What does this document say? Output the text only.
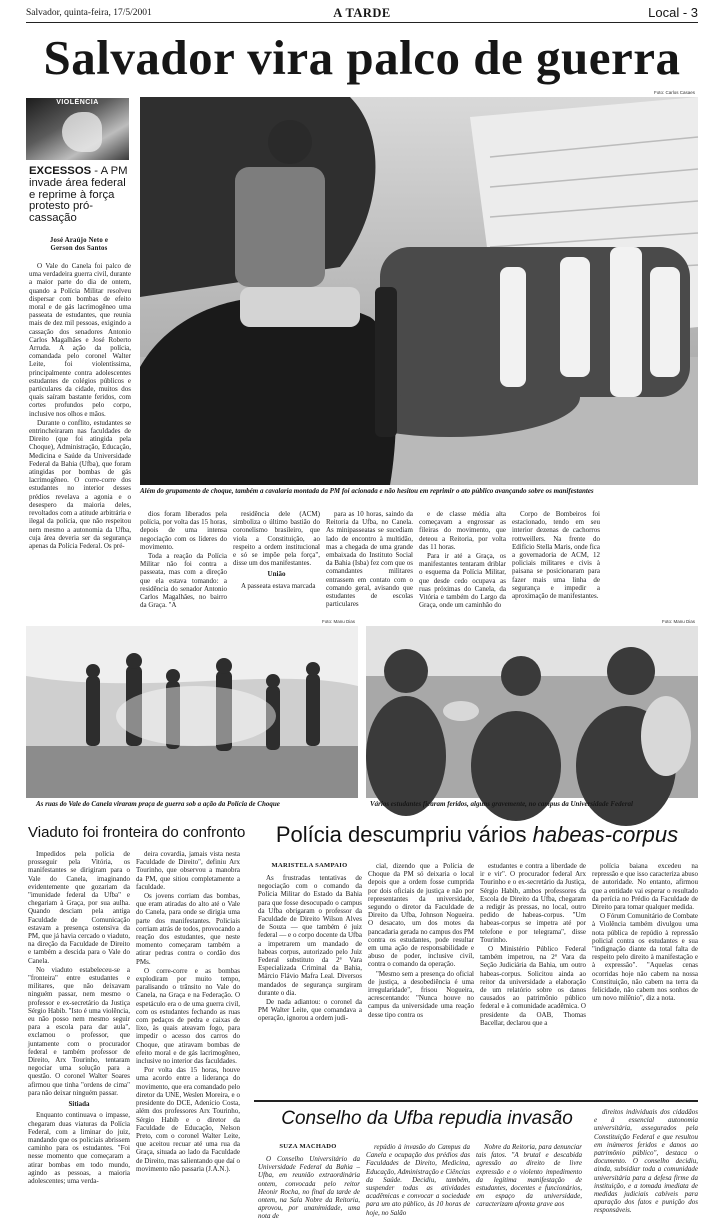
Salvador, quinta-feira, 17/5/2001	A TARDE	Local - 3
Salvador vira palco de guerra
VIOLÊNCIA
EXCESSOS - A PM invade área federal e reprime à força protesto pró-cassação
José Araújo Neto e
Gerson dos Santos

O Vale do Canela foi palco de uma verdadeira guerra civil, durante a maior parte do dia de ontem, quando a Polícia Militar resolveu dispersar com bombas de efeito moral e de gás lacrimogêneo uma passeata de estudantes, que reunia mais de dez mil pessoas, exigindo a cassação dos senadores Antonio Carlos Magalhães e José Roberto Arruda. A ação da polícia, comandada pelo coronel Walter Leite, foi violentíssima, principalmente contra adolescentes estudantes de colégios públicos e particulares da cidade, muitos dos quais saíram bastante feridos, com cortes profundos pelo corpo, inclusive nos olhos e mãos.

Durante o conflito, estudantes se entrincheiraram nas faculdades de Direito (que foi atingida pela Choque), Administração, Educação, Medicina e Saúde da Universidade Federal da Bahia (Ufba), que foram atingidas por bombas de gás lacrimogêneo. O corre-corre dos estudantes no interior desses prédios revelava a agonia e o desespero da maioria deles, revoltados com a atitude arbitrária e ilegal da polícia, que não respeitou nem mesmo a autonomia da Ufba, cuja área deveria ser da segurança apenas da Polícia Federal. Os pré-

Foto: Carlos Casaes
Além do grupamento de choque, também a cavalaria montada da PM foi acionada e não hesitou em reprimir o ato público avançando sobre os manifestantes

dios foram liberados pela polícia, por volta das 15 horas, depois de uma intensa negociação com os líderes do movimento.

Toda a reação da Polícia Militar não foi contra a passeata, mas com a direção que ela estava tomando: a residência do senador Antonio Carlos Magalhães, no bairro da Graça. "A

residência dele (ACM) simboliza o último bastião do coronelismo brasileiro, que viola a Constituição, ao respeito a ordem institucional e só se impõe pela força", disse um dos manifestantes.

União

A passeata estava marcada

para as 10 horas, saindo da Reitoria da Ufba, no Canela. As minipasseatas se sucediam lado de encontro à multidão, mas a chegada de uma grande embaixada do Instituto Social da Bahia (Isba) fez com que os comandantes militares entrassem em contato com o comando geral, avisando que estudantes de escolas particulares

e de classe média alta começavam a engrossar as fileiras do movimento, que deteou a Reitoria, por volta das 11 horas.

Para ir até a Graça, os manifestantes tentaram driblar o esquema da Polícia Militar, que desde cedo ocupava as ruas próximas do Canela, da Vitória e também do Largo da Graça, onde um caminhão do

Corpo de Bombeiros foi estacionado, tendo em seu interior dezenas de cachorros rottweillers. Na frente do Edifício Stella Maris, onde fica a governadoria de ACM, 12 policiais militares e civis à paisana se posicionaram para fazer mais uma linha de segurança e impedir a aproximação de manifestantes.

Foto: Manu Dias
As ruas do Vale do Canela viraram praça de guerra sob a ação da Polícia de Choque
Foto: Manu Dias
Vários estudantes ficaram feridos, alguns gravemente, no campus da Universidade Federal
Viaduto foi fronteira do confronto

Impedidos pela polícia de prosseguir pela Vitória, os manifestantes se dirigiram para o Vale do Canela, imaginando evidentemente que gozariam da "imunidade federal da Ufba" e chegariam à Graça, por sua aulha. Quando desciam pela antiga Faculdade de Comunicação estavam a presença ostensiva da PM, que já havia cercado o viaduto, na direção da Faculdade de Direito e também a descida para o Vale do Canela.

No viaduto estabeleceu-se a "fronteira" entre estudantes e militares, que não deixavam ninguém passar, nem mesmo o professor e ex-secretário da Justiça Sérgio Habib. "Isto é uma violência, eu não posso nem mesmo seguir para a escola para dar aula", exclamou o professor, que juntamente com o procurador federal e também professor de Direito, Arx Tourinho, tentaram negociar uma solução para a questão. O coronel Walter Soares afirmou que tinha "ordens de cima" para não deixar ninguém passar.

Sitiada

Enquanto continuava o impasse, chegaram duas viaturas da Polícia Federal, com a liminar do juiz, mandando que os policiais abrissem caminho para os estudantes. "Foi nesse momento que começaram a atirar bombas em todo mundo, agindo as pessoas, a maioria adolescentes; uma verda-

deira covardia, jamais vista nesta Faculdade de Direito", definiu Arx Tourinho, que observou a manobra da PM, que sitiou completamente a faculdade.

Os jovens corriam das bombas, que eram atiradas do alto até o Vale do Canela, para onde se dirigia uma parte dos manifestantes. Policiais corriam atrás de todos, provocando a reação dos estudantes, que neste momento começaram também a atirar pedras contra o cordão dos PMs.

O corre-corre e as bombas explodiram por muito tempo, paralisando o trânsito no Vale do Canela, na Graça e na Federação. O espetáculo era o de uma guerra civil, com os estudantes fechando as ruas com pedaços de pedra e caixas de lixo, às quais ateavam fogo, para impedir o acesso dos carros do Choque, que atiravam bombas de efeito moral e de gás lacrimogêneo, inclusive no interior das faculdades.

Por volta das 15 horas, houve uma acordo entre a liderança do movimento, que era comandado pelo diretor da UNE, Weslen Moreira, e o presidente do DCE, Adenício Costa, além dos professores Arx Tourinho, Sérgio Habib e o diretor da Faculdade de Educação, Nelson Preto, com o coronel Walter Leite, que aceitou recuar até uma rua da Graça, situada ao lado da Faculdade de Direito, mas salientando que daí o movimento não passaria (J.A.N.).

Polícia descumpriu vários habeas-corpus
MARISTELA SAMPAIO

As frustradas tentativas de negociação com o comando da Polícia Militar do Estado da Bahia para que fosse desocupado o campus da Ufba obrigaram o professor da Faculdade de Direito Wilson Alves de Souza — que também é juiz federal — e o corpo docente da Ufba a impetrarem um mandado de habeas corpus, autorizado pelo Juiz Federal substituto da 2ª Vara Especializada Criminal da Bahia, Márcio Flávio Mafra Leal. Diversos mandados de segurança surgiram durante o dia.

De nada adiantou: o coronel da PM Walter Leite, que comandava a operação, ignorou a ordem judi-

cial, dizendo que a Polícia de Choque da PM só deixaria o local depois que a ordem fosse cumprida por dois oficiais de justiça e não por representantes da universidade, segundo o diretor da Faculdade de Direito da Ufba, Johnson Nogueira. O desacato, um dos motes da pancadaria gerada no campus dos PM contra os estudantes, pode resultar em uma ação de responsabilidade e abuso de poder, inclusive civil, contra o comando da operação.

"Mesmo sem a presença do oficial de justiça, a desobediência é uma irregularidade", frisou Nogueira, acrescentando: "Nunca houve no campus da universidade uma reação desse tipo contra os

estudantes e contra a liberdade de ir e vir". O procurador federal Arx Tourinho e o ex-secretário da Justiça, Sérgio Habib, ambos professores da Escola de Direito da Ufba, chegaram a redigir às pressas, no local, outro pedido de habeas-corpus. "Um habeas-corpus se impetra até por telefone e por telegrama", disse Tourinho.

O Ministério Público Federal também impetrou, na 2ª Vara da Seção Judiciária da Bahia, um outro habeas-corpus. Solicitou ainda ao reitor da universidade a elaboração de um relatório sobre os danos causados ao patrimônio público federal e à comunidade acadêmica. O presidente da OAB, Thomas Bacellar, declarou que a

polícia baiana excedeu na repressão e que isso caracteriza abuso de autoridade. No entanto, afirmou que a entidade vai esperar o resultado da perícia no Prédio da Faculdade de Direito para tomar qualquer medida.

O Fórum Comunitário de Combate à Violência também divulgou uma nota pública de repúdio à repressão policial contra os estudantes e sua "indignação diante da total falta de respeito pelo direito à manifestação e à expressão". "Aquelas cenas ocorridas hoje não cabem na nossa Constituição, não cabem na terra da felicidade, não cabem nos sonhos de um novo milênio", diz a nota.

Conselho da Ufba repudia invasão
SUZA MACHADO

O Conselho Universitário da Universidade Federal da Bahia – Ufba, em reunião extraordinária ontem, convocada pelo reitor Heonir Rocha, no final da tarde de ontem, na Sala Nobre da Reitoria, aprovou, por unanimidade, uma nota de

repúdio à invasão do Campus da Canela e ocupação dos prédios das Faculdades de Direito, Medicina, Educação, Administração e Ciências da Saúde. Decidiu, também, suspender todas as atividades acadêmicas e convocar a sociedade para um ato público, às 10 horas de hoje, no Salão

Nobre da Reitoria, para denunciar tais fatos. "A brutal e descabida agressão ao direito de livre expressão e o violento impedimento da legítima manifestação de estudantes, docentes e funcionários, em espaço da universidade, caracterizam afronta grave aos

direitos individuais dos cidadãos e à essencial autonomia universitária, assegurados pela Constituição Federal e que resultou em inúmeros feridos e danos ao patrimônio público", destaca o documento. O conselho decidiu, ainda, subsidiar toda a comunidade universitária para a defesa firme da instituição, e a tomada imediata de medidas judiciais cabíveis para apuração dos fatos e punição dos responsáveis.
